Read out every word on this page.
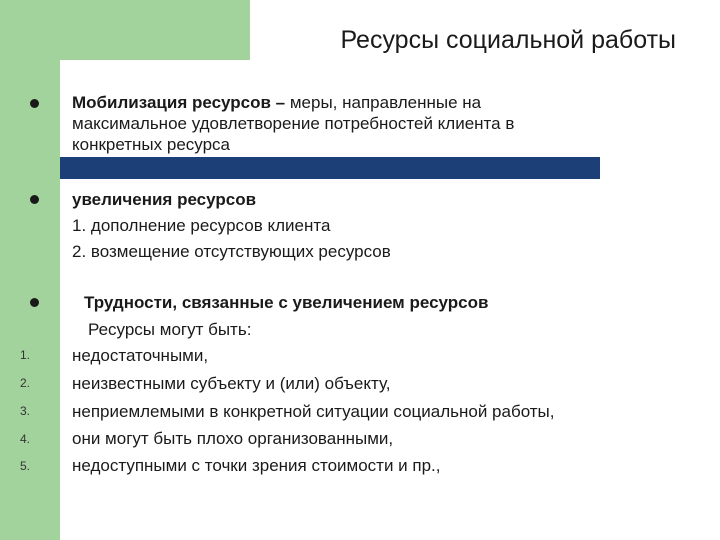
Ресурсы социальной работы
Мобилизация ресурсов – меры, направленные на
максимальное удовлетворение потребностей клиента в
конкретных ресурса
увеличения ресурсов
1. дополнение ресурсов клиента
2. возмещение отсутствующих ресурсов
Трудности, связанные с увеличением ресурсов
Ресурсы могут быть:
1. недостаточными,
2. неизвестными субъекту и (или) объекту,
3. неприемлемыми в конкретной ситуации социальной работы,
4. они могут быть плохо организованными,
5. недоступными с точки зрения стоимости и пр.,
